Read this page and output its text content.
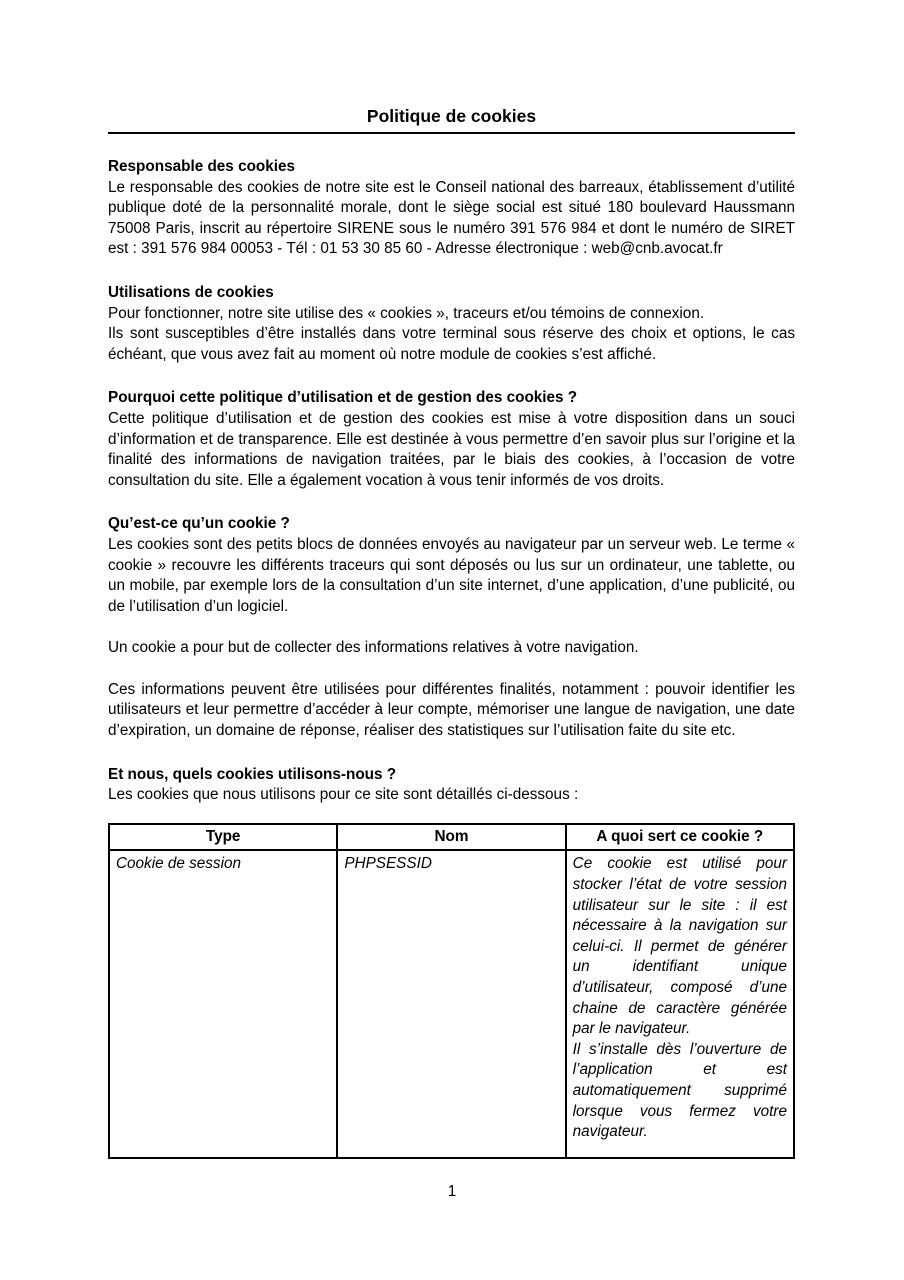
Politique de cookies
Responsable des cookies

Le responsable des cookies de notre site est le Conseil national des barreaux, établissement d’utilité publique doté de la personnalité morale, dont le siège social est situé 180 boulevard Haussmann 75008 Paris, inscrit au répertoire SIRENE sous le numéro 391 576 984 et dont le numéro de SIRET est : 391 576 984 00053 - Tél : 01 53 30 85 60 - Adresse électronique : web@cnb.avocat.fr

Utilisations de cookies

Pour fonctionner, notre site utilise des « cookies », traceurs et/ou témoins de connexion.

Ils sont susceptibles d’être installés dans votre terminal sous réserve des choix et options, le cas échéant, que vous avez fait au moment où notre module de cookies s’est affiché.

Pourquoi cette politique d’utilisation et de gestion des cookies ?

Cette politique d’utilisation et de gestion des cookies est mise à votre disposition dans un souci d’information et de transparence. Elle est destinée à vous permettre d’en savoir plus sur l’origine et la finalité des informations de navigation traitées, par le biais des cookies, à l’occasion de votre consultation du site. Elle a également vocation à vous tenir informés de vos droits.

Qu’est-ce qu’un cookie ?

Les cookies sont des petits blocs de données envoyés au navigateur par un serveur web. Le terme « cookie » recouvre les différents traceurs qui sont déposés ou lus sur un ordinateur, une tablette, ou un mobile, par exemple lors de la consultation d’un site internet, d’une application, d’une publicité, ou de l’utilisation d’un logiciel.

Un cookie a pour but de collecter des informations relatives à votre navigation.

Ces informations peuvent être utilisées pour différentes finalités, notamment : pouvoir identifier les utilisateurs et leur permettre d’accéder à leur compte, mémoriser une langue de navigation, une date d’expiration, un domaine de réponse, réaliser des statistiques sur l’utilisation faite du site etc.

Et nous, quels cookies utilisons-nous ?

Les cookies que nous utilisons pour ce site sont détaillés ci-dessous :

Type	Nom	A quoi sert ce cookie ?
Cookie de session	PHPSESSID	Ce cookie est utilisé pour stocker l’état de votre session utilisateur sur le site : il est nécessaire à la navigation sur celui-ci. Il permet de générer un identifiant unique d’utilisateur, composé d’une chaine de caractère générée par le navigateur.

Il s’installe dès l’ouverture de l’application et est automatiquement supprimé lorsque vous fermez votre navigateur.

1
